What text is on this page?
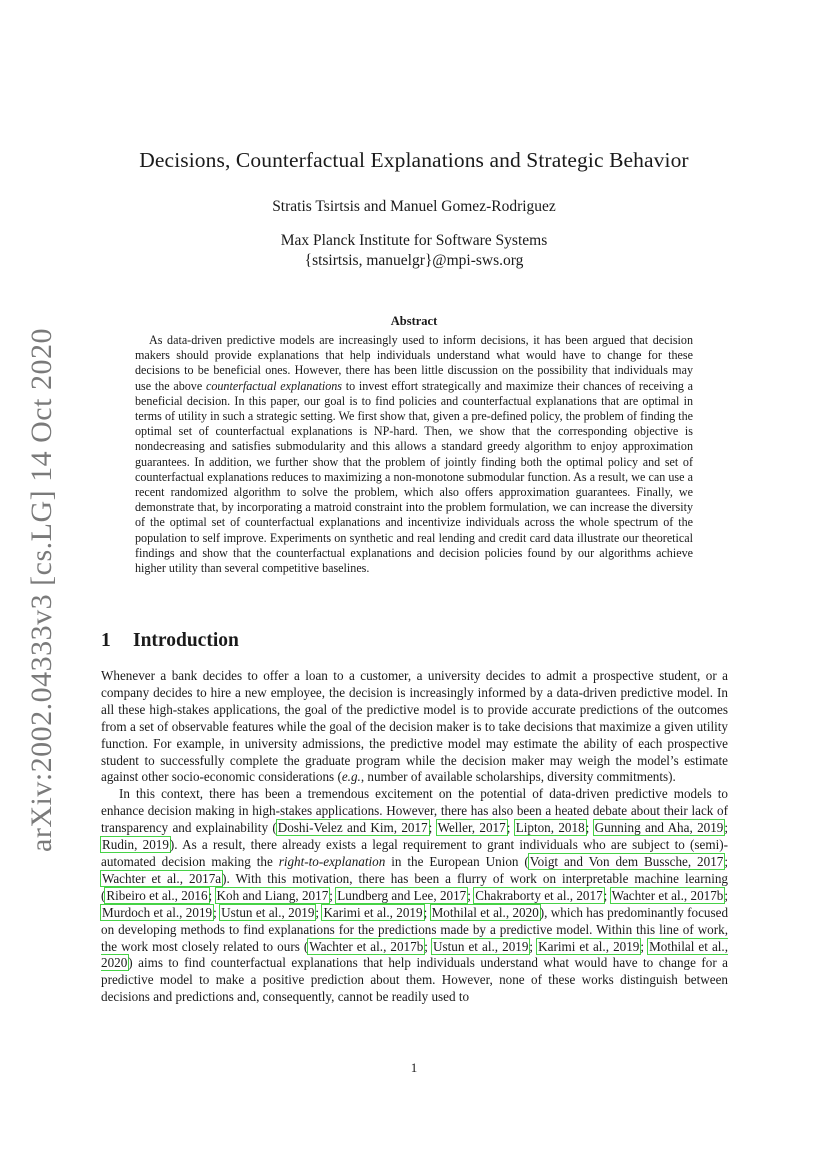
arXiv:2002.04333v3 [cs.LG] 14 Oct 2020
Decisions, Counterfactual Explanations and Strategic Behavior
Stratis Tsirtsis and Manuel Gomez-Rodriguez
Max Planck Institute for Software Systems
{stsirtsis, manuelgr}@mpi-sws.org
Abstract

As data-driven predictive models are increasingly used to inform decisions, it has been argued that decision makers should provide explanations that help individuals understand what would have to change for these decisions to be beneficial ones. However, there has been little discussion on the possibility that individuals may use the above counterfactual explanations to invest effort strategically and maximize their chances of receiving a beneficial decision. In this paper, our goal is to find policies and counterfactual explanations that are optimal in terms of utility in such a strategic setting. We first show that, given a pre-defined policy, the problem of finding the optimal set of counterfactual explanations is NP-hard. Then, we show that the corresponding objective is nondecreasing and satisfies submodularity and this allows a standard greedy algorithm to enjoy approximation guarantees. In addition, we further show that the problem of jointly finding both the optimal policy and set of counterfactual explanations reduces to maximizing a non-monotone submodular function. As a result, we can use a recent randomized algorithm to solve the problem, which also offers approximation guarantees. Finally, we demonstrate that, by incorporating a matroid constraint into the problem formulation, we can increase the diversity of the optimal set of counterfactual explanations and incentivize individuals across the whole spectrum of the population to self improve. Experiments on synthetic and real lending and credit card data illustrate our theoretical findings and show that the counterfactual explanations and decision policies found by our algorithms achieve higher utility than several competitive baselines.

1 Introduction

Whenever a bank decides to offer a loan to a customer, a university decides to admit a prospective student, or a company decides to hire a new employee, the decision is increasingly informed by a data-driven predictive model. In all these high-stakes applications, the goal of the predictive model is to provide accurate predictions of the outcomes from a set of observable features while the goal of the decision maker is to take decisions that maximize a given utility function. For example, in university admissions, the predictive model may estimate the ability of each prospective student to successfully complete the graduate program while the decision maker may weigh the model’s estimate against other socio-economic considerations (e.g., number of available scholarships, diversity commitments).

In this context, there has been a tremendous excitement on the potential of data-driven predictive models to enhance decision making in high-stakes applications. However, there has also been a heated debate about their lack of transparency and explainability (Doshi-Velez and Kim, 2017; Weller, 2017; Lipton, 2018; Gunning and Aha, 2019; Rudin, 2019). As a result, there already exists a legal requirement to grant individuals who are subject to (semi)-automated decision making the right-to-explanation in the European Union (Voigt and Von dem Bussche, 2017; Wachter et al., 2017a). With this motivation, there has been a flurry of work on interpretable machine learning (Ribeiro et al., 2016; Koh and Liang, 2017; Lundberg and Lee, 2017; Chakraborty et al., 2017; Wachter et al., 2017b; Murdoch et al., 2019; Ustun et al., 2019; Karimi et al., 2019; Mothilal et al., 2020), which has predominantly focused on developing methods to find explanations for the predictions made by a predictive model. Within this line of work, the work most closely related to ours (Wachter et al., 2017b; Ustun et al., 2019; Karimi et al., 2019; Mothilal et al., 2020) aims to find counterfactual explanations that help individuals understand what would have to change for a predictive model to make a positive prediction about them. However, none of these works distinguish between decisions and predictions and, consequently, cannot be readily used to

1
